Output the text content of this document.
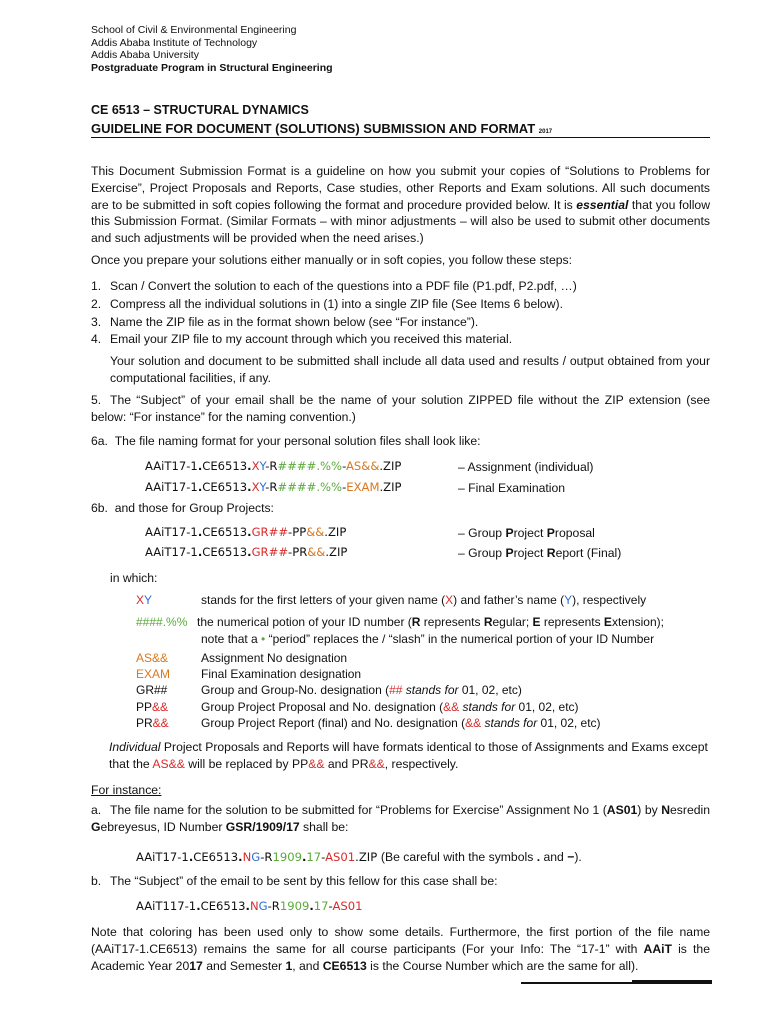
School of Civil & Environmental Engineering
Addis Ababa Institute of Technology
Addis Ababa University
Postgraduate Program in Structural Engineering
CE 6513 – STRUCTURAL DYNAMICS
GUIDELINE FOR DOCUMENT (SOLUTIONS) SUBMISSION AND FORMAT 2017
This Document Submission Format is a guideline on how you submit your copies of “Solutions to Problems for Exercise”, Project Proposals and Reports, Case studies, other Reports and Exam solutions. All such documents are to be submitted in soft copies following the format and procedure provided below. It is essential that you follow this Submission Format. (Similar Formats – with minor adjustments – will also be used to submit other documents and such adjustments will be provided when the need arises.)
Once you prepare your solutions either manually or in soft copies, you follow these steps:
1. Scan / Convert the solution to each of the questions into a PDF file (P1.pdf, P2.pdf, …)
2. Compress all the individual solutions in (1) into a single ZIP file (See Items 6 below).
3. Name the ZIP file as in the format shown below (see “For instance”).
4. Email your ZIP file to my account through which you received this material.
Your solution and document to be submitted shall include all data used and results / output obtained from your computational facilities, if any.
5. The “Subject” of your email shall be the name of your solution ZIPPED file without the ZIP extension (see below: “For instance” for the naming convention.)
6a. The file naming format for your personal solution files shall look like:
AAiT17-1.CE6513.XY-R####.%%-AS&&.ZIP	– Assignment (individual)
AAiT17-1.CE6513.XY-R####.%%-EXAM.ZIP	– Final Examination
6b. and those for Group Projects:
AAiT17-1.CE6513.GR##-PP&&.ZIP	– Group Project Proposal
AAiT17-1.CE6513.GR##-PR&&.ZIP	– Group Project Report (Final)
in which:
XY	stands for the first letters of your given name (X) and father’s name (Y), respectively
####.%% the numerical potion of your ID number (R represents Regular; E represents Extension);
note that a • “period” replaces the / “slash” in the numerical portion of your ID Number
AS&&	Assignment No designation
EXAM	Final Examination designation
GR##	Group and Group-No. designation (## stands for 01, 02, etc)
PP&&	Group Project Proposal and No. designation (&& stands for 01, 02, etc)
PR&&	Group Project Report (final) and No. designation (&& stands for 01, 02, etc)
Individual Project Proposals and Reports will have formats identical to those of Assignments and Exams except that the AS&& will be replaced by PP&& and PR&&, respectively.
For instance:
a. The file name for the solution to be submitted for “Problems for Exercise” Assignment No 1 (AS01) by Nesredin Gebreyesus, ID Number GSR/1909/17 shall be:
AAiT17-1.CE6513.NG-R1909.17-AS01.ZIP (Be careful with the symbols . and −).
b. The “Subject” of the email to be sent by this fellow for this case shall be:
AAiT117-1.CE6513.NG-R1909.17-AS01
Note that coloring has been used only to show some details. Furthermore, the first portion of the file name (AAiT17-1.CE6513) remains the same for all course participants (For your Info: The “17-1” with AAiT is the Academic Year 2017 and Semester 1, and CE6513 is the Course Number which are the same for all).
